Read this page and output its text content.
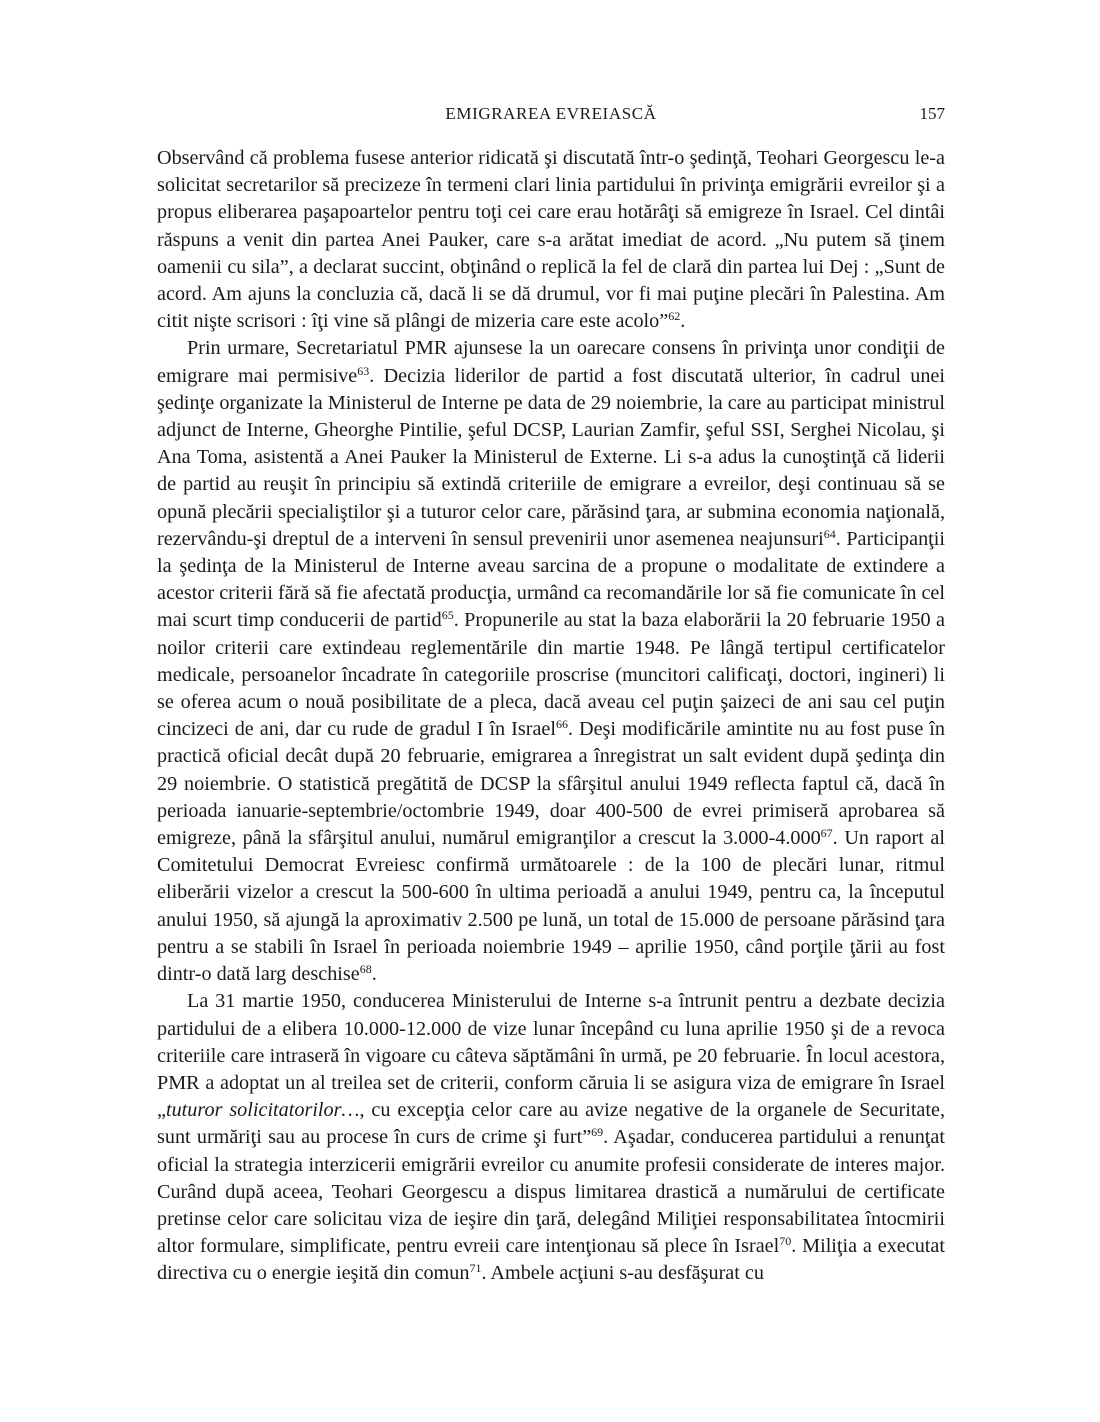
EMIGRAREA EVREIASCĂ	157

Observând că problema fusese anterior ridicată şi discutată într-o şedinţă, Teohari Georgescu le-a solicitat secretarilor să precizeze în termeni clari linia partidului în privinţa emigrării evreilor şi a propus eliberarea paşapoartelor pentru toţi cei care erau hotărâţi să emigreze în Israel. Cel dintâi răspuns a venit din partea Anei Pauker, care s-a arătat imediat de acord. „Nu putem să ţinem oamenii cu sila”, a declarat succint, obţinând o replică la fel de clară din partea lui Dej : „Sunt de acord. Am ajuns la concluzia că, dacă li se dă drumul, vor fi mai puţine plecări în Palestina. Am citit nişte scrisori : îţi vine să plângi de mizeria care este acolo”$^{62}$.

Prin urmare, Secretariatul PMR ajunsese la un oarecare consens în privinţa unor condiţii de emigrare mai permisive$^{63}$. Decizia liderilor de partid a fost discutată ulterior, în cadrul unei şedinţe organizate la Ministerul de Interne pe data de 29 noiembrie, la care au participat ministrul adjunct de Interne, Gheorghe Pintilie, şeful DCSP, Laurian Zamfir, şeful SSI, Serghei Nicolau, şi Ana Toma, asistentă a Anei Pauker la Ministerul de Externe. Li s-a adus la cunoştinţă că liderii de partid au reuşit în principiu să extindă criteriile de emigrare a evreilor, deşi continuau să se opună plecării specialiştilor şi a tuturor celor care, părăsind ţara, ar submina economia naţională, rezervându-şi dreptul de a interveni în sensul prevenirii unor asemenea neajunsuri$^{64}$. Participanţii la şedinţa de la Ministerul de Interne aveau sarcina de a propune o modalitate de extindere a acestor criterii fără să fie afectată producţia, urmând ca recomandările lor să fie comunicate în cel mai scurt timp conducerii de partid$^{65}$. Propunerile au stat la baza elaborării la 20 februarie 1950 a noilor criterii care extindeau reglementările din martie 1948. Pe lângă tertipul certificatelor medicale, persoanelor încadrate în categoriile proscrise (muncitori calificaţi, doctori, ingineri) li se oferea acum o nouă posibilitate de a pleca, dacă aveau cel puţin şaizeci de ani sau cel puţin cincizeci de ani, dar cu rude de gradul I în Israel$^{66}$. Deşi modificările amintite nu au fost puse în practică oficial decât după 20 februarie, emigrarea a înregistrat un salt evident după şedinţa din 29 noiembrie. O statistică pregătită de DCSP la sfârşitul anului 1949 reflecta faptul că, dacă în perioada ianuarie-septembrie/octombrie 1949, doar 400-500 de evrei primiseră aprobarea să emigreze, până la sfârşitul anului, numărul emigranţilor a crescut la 3.000-4.000$^{67}$. Un raport al Comitetului Democrat Evreiesc confirmă următoarele : de la 100 de plecări lunar, ritmul eliberării vizelor a crescut la 500-600 în ultima perioadă a anului 1949, pentru ca, la începutul anului 1950, să ajungă la aproximativ 2.500 pe lună, un total de 15.000 de persoane părăsind ţara pentru a se stabili în Israel în perioada noiembrie 1949 – aprilie 1950, când porţile ţării au fost dintr-o dată larg deschise$^{68}$.

La 31 martie 1950, conducerea Ministerului de Interne s-a întrunit pentru a dezbate decizia partidului de a elibera 10.000-12.000 de vize lunar începând cu luna aprilie 1950 şi de a revoca criteriile care intraseră în vigoare cu câteva săptămâni în urmă, pe 20 februarie. În locul acestora, PMR a adoptat un al treilea set de criterii, conform căruia li se asigura viza de emigrare în Israel „tuturor solicitatorilor…, cu excepţia celor care au avize negative de la organele de Securitate, sunt urmăriţi sau au procese în curs de crime şi furt”$^{69}$. Aşadar, conducerea partidului a renunţat oficial la strategia interzicerii emigrării evreilor cu anumite profesii considerate de interes major. Curând după aceea, Teohari Georgescu a dispus limitarea drastică a numărului de certificate pretinse celor care solicitau viza de ieşire din ţară, delegând Miliţiei responsabilitatea întocmirii altor formulare, simplificate, pentru evreii care intenţionau să plece în Israel$^{70}$. Miliţia a executat directiva cu o energie ieşită din comun$^{71}$. Ambele acţiuni s-au desfăşurat cu
